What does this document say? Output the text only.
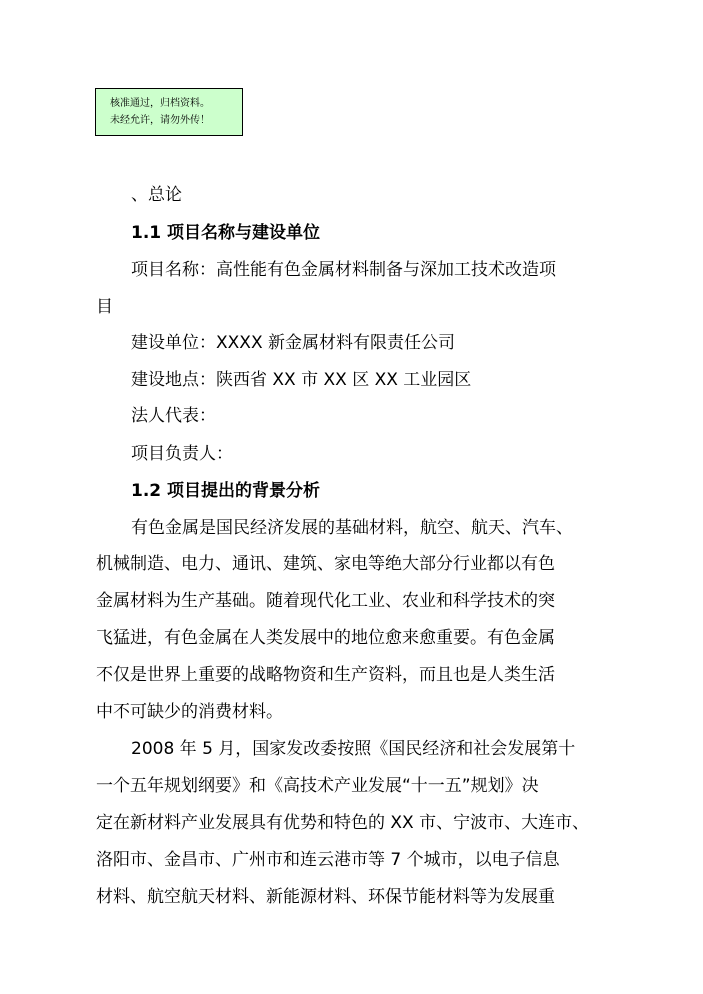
核准通过，归档资料。
未经允许，请勿外传！
、总论
1.1 项目名称与建设单位
项目名称：高性能有色金属材料制备与深加工技术改造项
目
建设单位：XXXX 新金属材料有限责任公司
建设地点：陕西省 XX 市 XX 区 XX 工业园区
法人代表：
项目负责人：
1.2 项目提出的背景分析
有色金属是国民经济发展的基础材料，航空、航天、汽车、
机械制造、电力、通讯、建筑、家电等绝大部分行业都以有色
金属材料为生产基础。随着现代化工业、农业和科学技术的突
飞猛进，有色金属在人类发展中的地位愈来愈重要。有色金属
不仅是世界上重要的战略物资和生产资料，而且也是人类生活
中不可缺少的消费材料。
2008 年 5 月，国家发改委按照《国民经济和社会发展第十
一个五年规划纲要》和《高技术产业发展“十一五”规划》决
定在新材料产业发展具有优势和特色的 XX 市、宁波市、大连市、
洛阳市、金昌市、广州市和连云港市等 7 个城市，以电子信息
材料、航空航天材料、新能源材料、环保节能材料等为发展重
